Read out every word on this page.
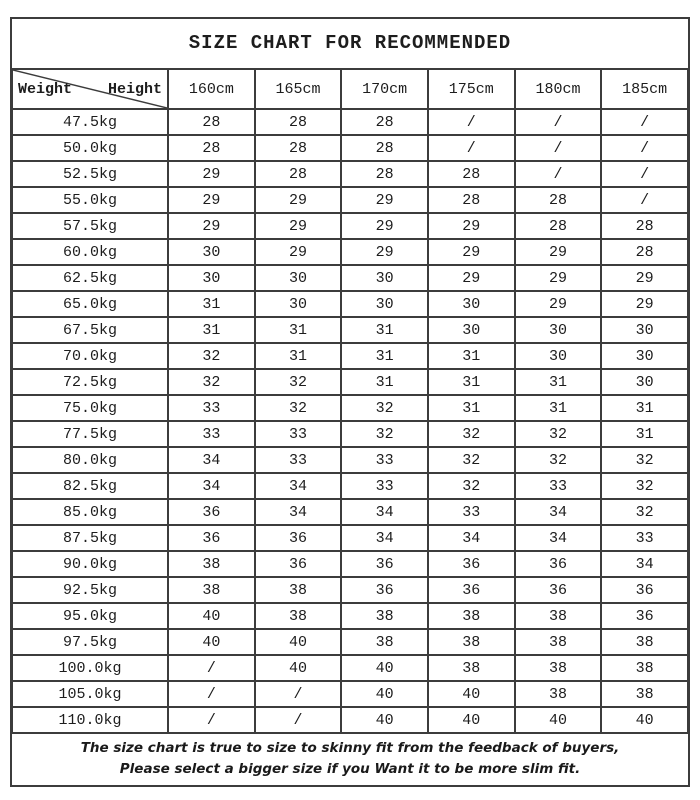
SIZE CHART FOR RECOMMENDED
Weight Height	160cm	165cm	170cm	175cm	180cm	185cm
47.5kg	28	28	28	/	/	/
50.0kg	28	28	28	/	/	/
52.5kg	29	28	28	28	/	/
55.0kg	29	29	29	28	28	/
57.5kg	29	29	29	29	28	28
60.0kg	30	29	29	29	29	28
62.5kg	30	30	30	29	29	29
65.0kg	31	30	30	30	29	29
67.5kg	31	31	31	30	30	30
70.0kg	32	31	31	31	30	30
72.5kg	32	32	31	31	31	30
75.0kg	33	32	32	31	31	31
77.5kg	33	33	32	32	32	31
80.0kg	34	33	33	32	32	32
82.5kg	34	34	33	32	33	32
85.0kg	36	34	34	33	34	32
87.5kg	36	36	34	34	34	33
90.0kg	38	36	36	36	36	34
92.5kg	38	38	36	36	36	36
95.0kg	40	38	38	38	38	36
97.5kg	40	40	38	38	38	38
100.0kg	/	40	40	38	38	38
105.0kg	/	/	40	40	38	38
110.0kg	/	/	40	40	40	40
The size chart is true to size to skinny fit from the feedback of buyers,
Please select a bigger size if you Want it to be more slim fit.
